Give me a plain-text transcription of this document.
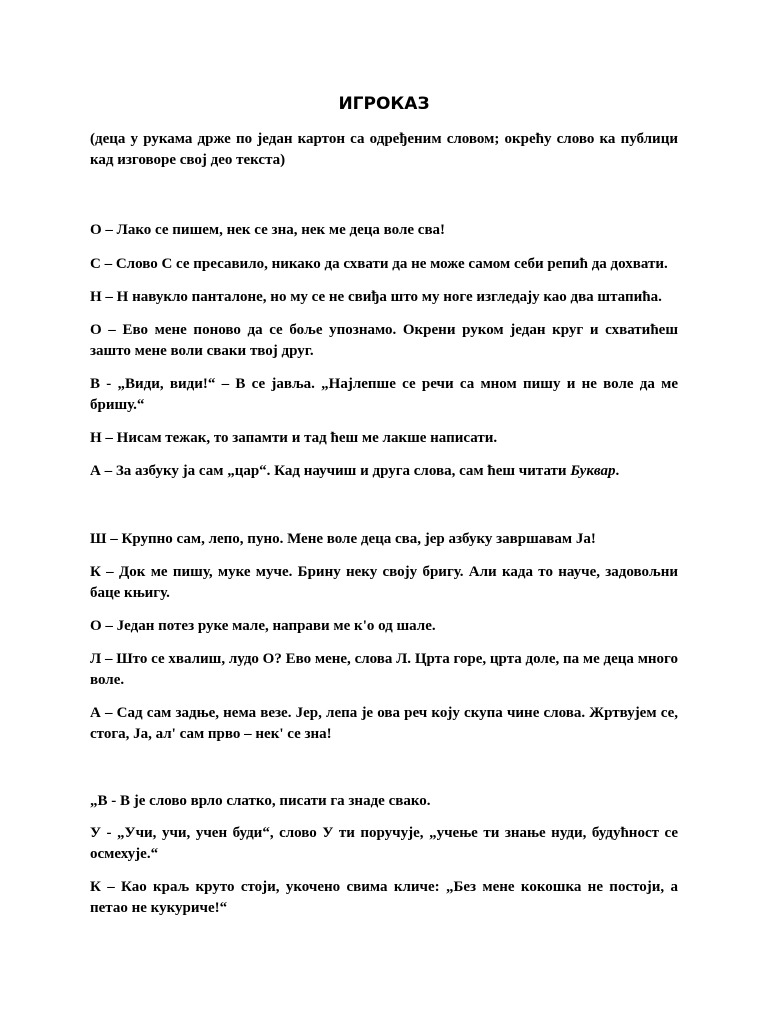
ИГРОКАЗ

(деца у рукама држе по један картон са одређеним словом; окрећу слово ка публици кад изговоре свој део текста)

О – Лако се пишем, нек се зна, нек ме деца воле сва!

С – Слово С се пресавило, никако да схвати да не може самом себи репић да дохвати.

Н – Н навукло панталоне, но му се не свиђа што му ноге изгледају као два штапића.

О – Ево мене поново да се боље упознамо. Окрени руком један круг и схватићеш зашто мене воли сваки твој друг.

В - „Види, види!“ – В се јавља. „Најлепше се речи са мном пишу и не воле да ме бришу.“

Н – Нисам тежак, то запамти и тад ћеш ме лакше написати.

А – За азбуку ја сам „цар“. Кад научиш и друга слова, сам ћеш читати Буквар.

Ш – Крупно сам, лепо, пуно. Мене воле деца сва, јер азбуку завршавам Ја!

К – Док ме пишу, муке муче. Брину неку своју бригу. Али када то науче, задовољни баце књигу.

О – Један потез руке мале, направи ме к'о од шале.

Л – Што се хвалиш, лудо О? Ево мене, слова Л. Црта горе, црта доле, па ме деца много воле.

А – Сад сам задње, нема везе. Јер, лепа је ова реч коју скупа чине слова. Жртвујем се, стога, Ја, ал' сам прво – нек' се зна!

„В - В је слово врло слатко, писати га знаде свако.

У - „Учи, учи, учен буди“, слово У ти поручује, „учење ти знање нуди, будућност се осмехује.“

К – Као краљ круто стоји, укочено свима кличе: „Без мене кокошка не постоји, а петао не кукуриче!“
